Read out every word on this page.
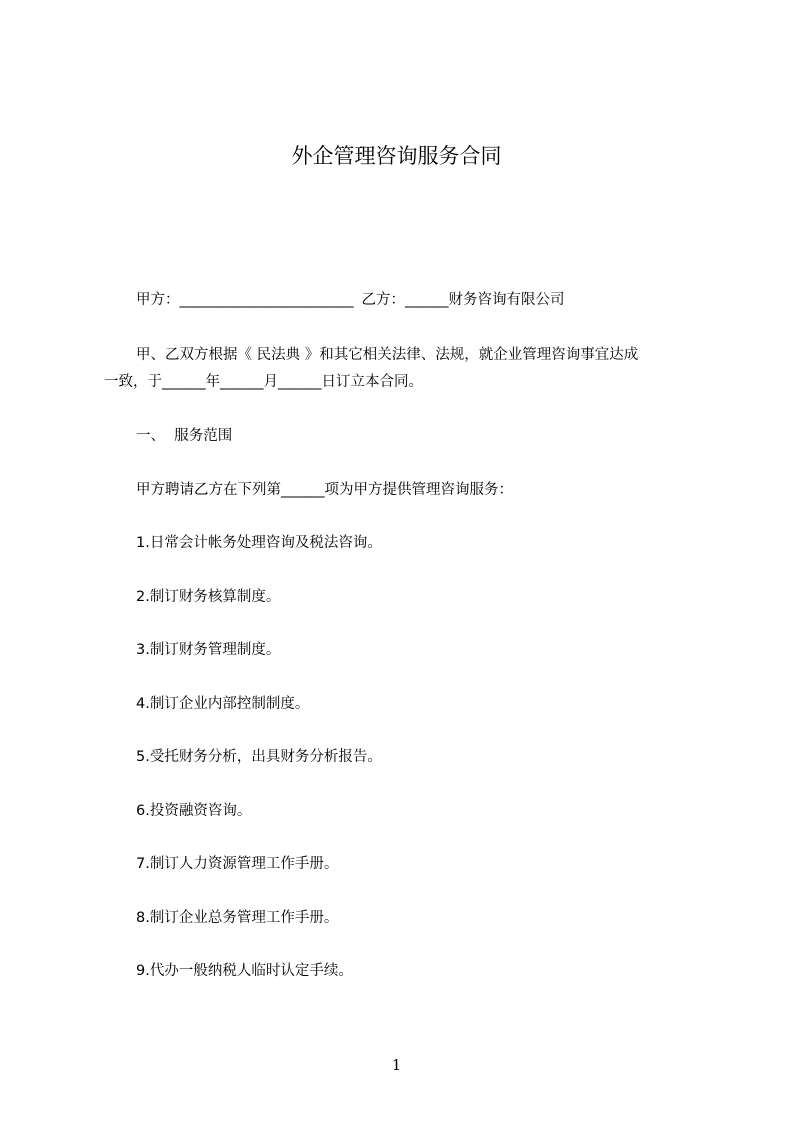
外企管理咨询服务合同
甲方：________________________ 乙方：______财务咨询有限公司
甲、乙双方根据《 民法典 》和其它相关法律、法规，就企业管理咨询事宜达成
一致，于______年______月______日订立本合同。
一、  服务范围
甲方聘请乙方在下列第______项为甲方提供管理咨询服务：
1.日常会计帐务处理咨询及税法咨询。
2.制订财务核算制度。
3.制订财务管理制度。
4.制订企业内部控制制度。
5.受托财务分析，出具财务分析报告。
6.投资融资咨询。
7.制订人力资源管理工作手册。
8.制订企业总务管理工作手册。
9.代办一般纳税人临时认定手续。
1
